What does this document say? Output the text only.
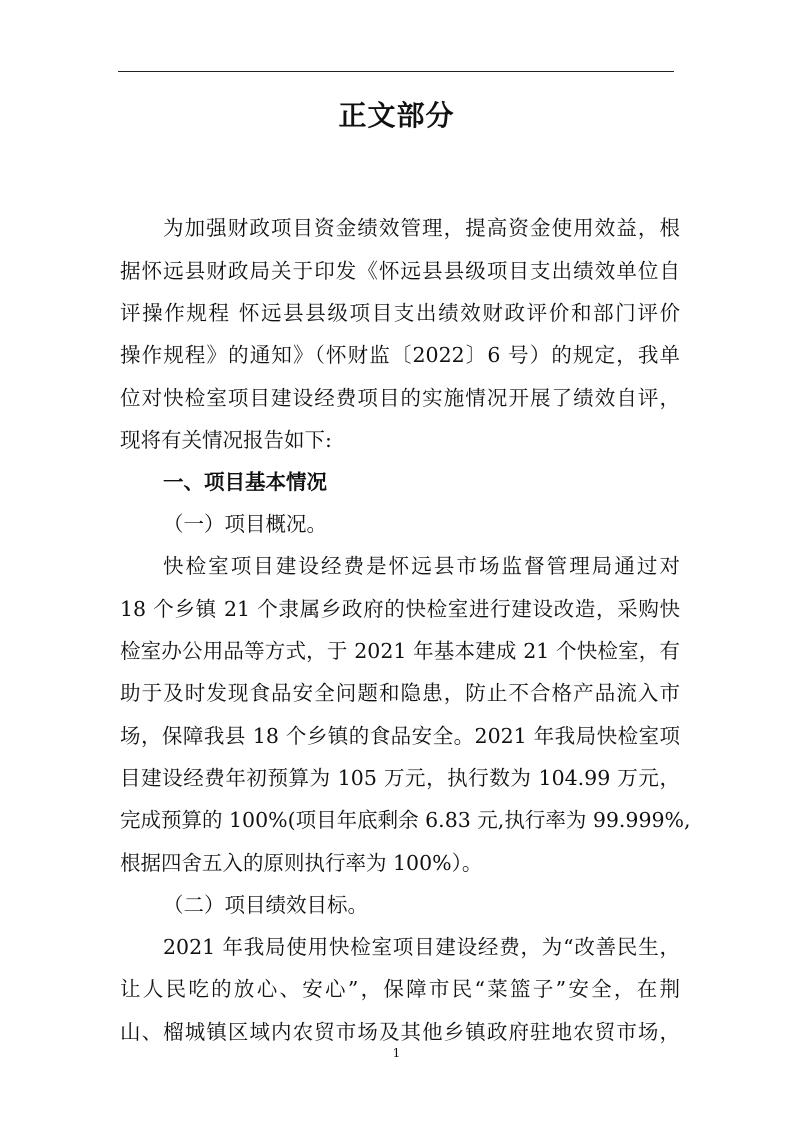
正文部分
为加强财政项目资金绩效管理，提高资金使用效益，根
据怀远县财政局关于印发《怀远县县级项目支出绩效单位自
评操作规程 怀远县县级项目支出绩效财政评价和部门评价
操作规程》的通知》（怀财监〔2022〕6 号）的规定，我单
位对快检室项目建设经费项目的实施情况开展了绩效自评，
现将有关情况报告如下:
一、项目基本情况
（一）项目概况。
快检室项目建设经费是怀远县市场监督管理局通过对
18 个乡镇 21 个隶属乡政府的快检室进行建设改造，采购快
检室办公用品等方式，于 2021 年基本建成 21 个快检室，有
助于及时发现食品安全问题和隐患，防止不合格产品流入市
场，保障我县 18 个乡镇的食品安全。2021 年我局快检室项
目建设经费年初预算为 105 万元，执行数为 104.99 万元，
完成预算的 100%(项目年底剩余 6.83 元,执行率为 99.999%,
根据四舍五入的原则执行率为 100%）。
（二）项目绩效目标。
2021 年我局使用快检室项目建设经费，为“改善民生，
让人民吃的放心、安心”，保障市民“菜篮子”安全，在荆
山、榴城镇区域内农贸市场及其他乡镇政府驻地农贸市场，
1
